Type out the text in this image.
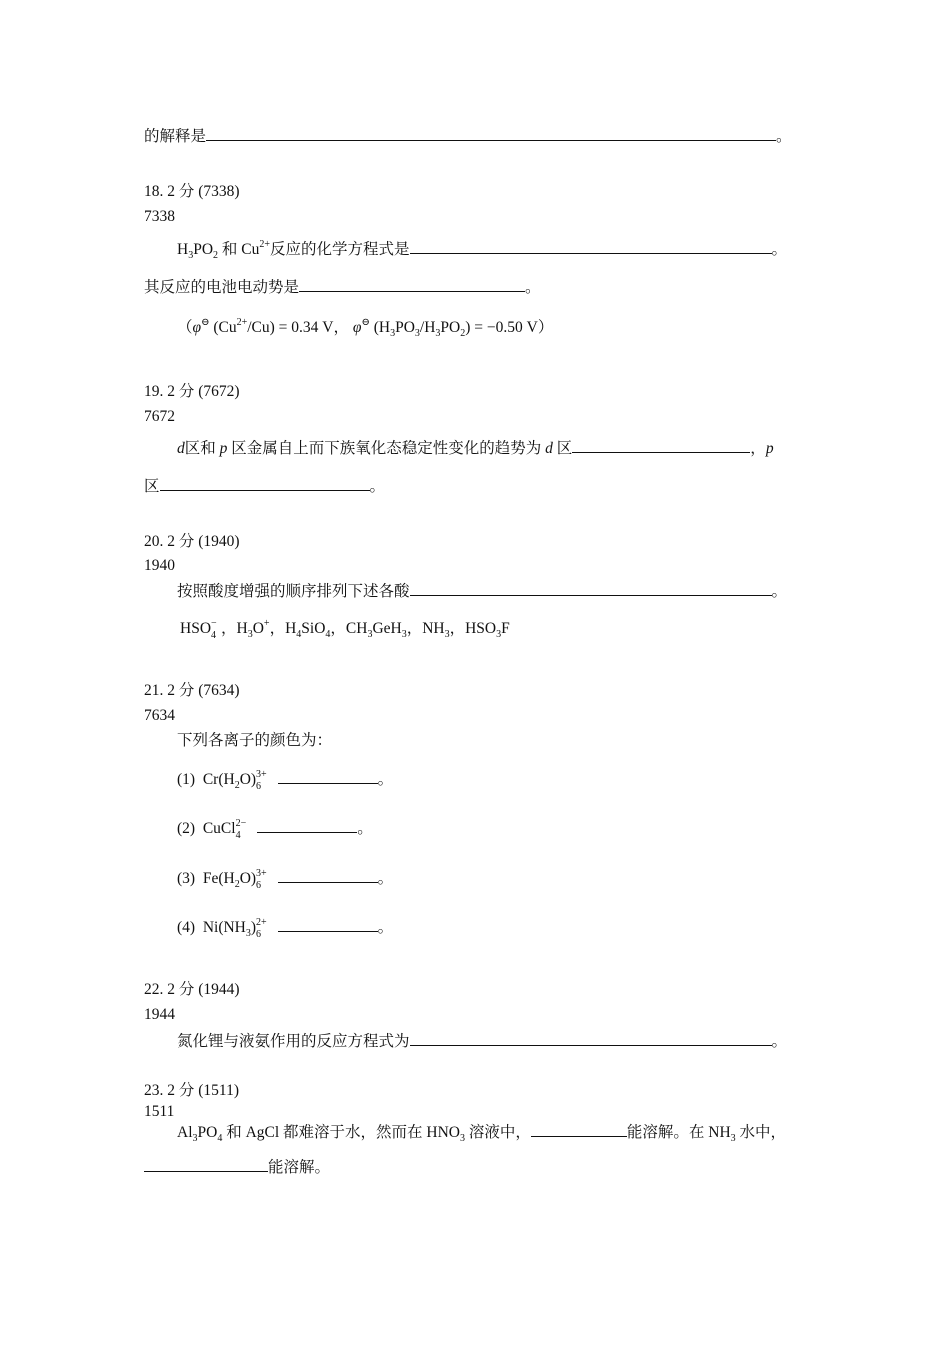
的解释是	。
18. 2 分 (7338)
7338
$H_3PO_2$ 和 $Cu^{2+}$反应的化学方程式是	。
其反应的电池电动势是	。
（φ⊖ $(Cu^{2+}/Cu) = 0.34$ V， φ⊖ $(H_3PO_3/H_3PO_2) = -0.50$ V）
19. 2 分 (7672)
7672
d区和 p 区金属自上而下族氧化态稳定性变化的趋势为 d 区	，p
区	。
20. 2 分 (1940)
1940
按照酸度增强的顺序排列下述各酸	。
HSO −
4 ，$H_3O^+$，$H_4SiO_4$，$CH_3GeH_3$，$NH_3$，$HSO_3F$
21. 2 分 (7634)
7634
下列各离子的颜色为：
(1)  $Cr(H_2O)$ 3+
6	。
(2)  CuCl 2−
4	。
(3)  $Fe(H_2O)$ 3+
6	。
(4)  $Ni(NH_3)$ 2+
6	。
22. 2 分 (1944)
1944
氮化锂与液氨作用的反应方程式为	。
23. 2 分 (1511)
1511
$Al_3PO_4$ 和 AgCl 都难溶于水，然而在 $HNO_3$ 溶液中，	能溶解。在 $NH_3$ 水中，
能溶解。
